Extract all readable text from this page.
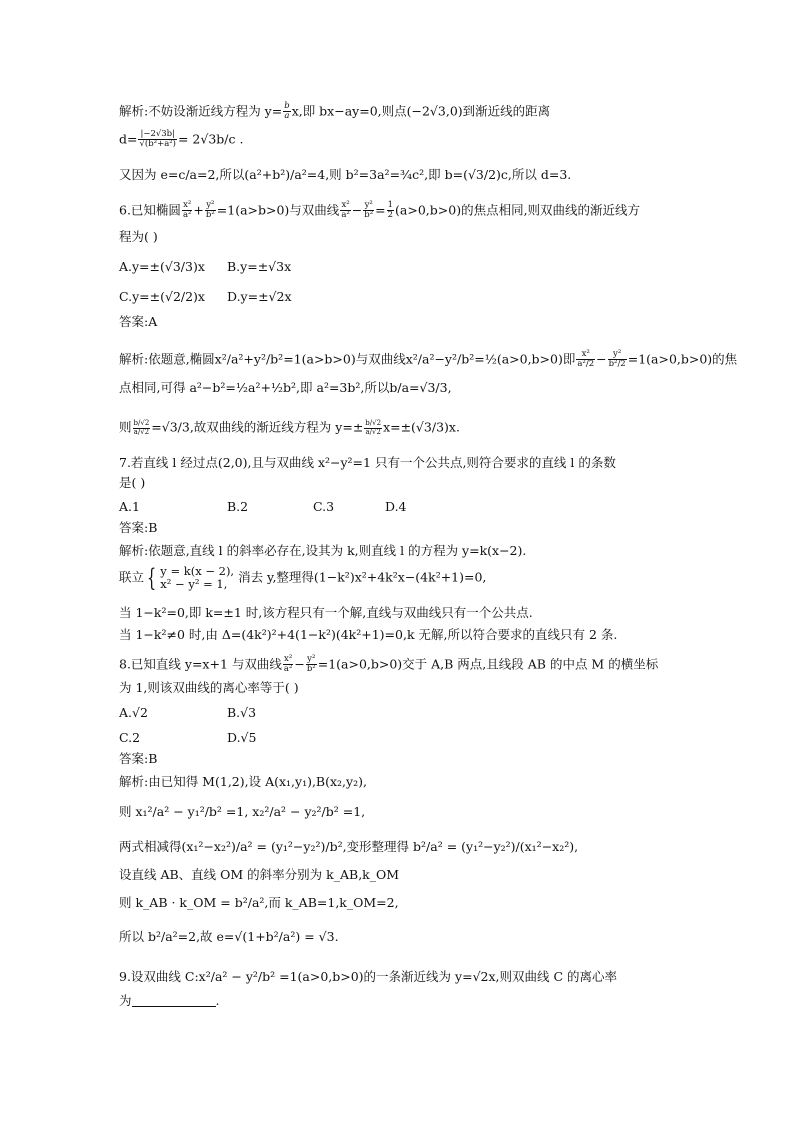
解析:不妨设渐近线方程为 $y= \frac{b}{a} x$,即 bx−ay=0,则点(−2√3,0)到渐近线的距离
$d= \frac{|-2√3b|}{\text{√(b²+a²)}} = 2√3b/c$ .
又因为 e=c/a=2,所以(a²+b²)/a²=4,则 b²=3a²=¾c²,即 b=(√3/2)c,所以 d=3.
6.已知椭圆 $\frac{\text{x²}}{\text{a²}} + \frac{\text{y²}}{\text{b²}} =1(a>b>0)$与双曲线 $\frac{\text{x²}}{\text{a²}} - \frac{\text{y²}}{\text{b²}} = \frac{1}{2} (a>0,b>0)$的焦点相同,则双曲线的渐近线方
程为( )
A.y=±(√3/3)x B.y=±√3x
C.y=±(√2/2)x D.y=±√2x
答案:A
解析:依题意,椭圆x²/a²+y²/b²=1(a>b>0)与双曲线x²/a²−y²/b²=½(a>0,b>0)即 $\frac{\text{x²}}{\text{a²/2}} - \frac{\text{y²}}{\text{b²/2}} =1(a>0,b>0)$的焦
点相同,可得 a²−b²=½a²+½b²,即 a²=3b²,所以b/a=√3/3,
则 $\frac{b/√2}{a/√2} =√3/3$,故双曲线的渐近线方程为 $y=\pm \frac{b/√2}{a/√2} x=\pm(√3/3)x$.
7.若直线 l 经过点(2,0),且与双曲线 x²−y²=1 只有一个公共点,则符合要求的直线 l 的条数
是( )
A.1	B.2	C.3	D.4
答案:B
解析:依题意,直线 l 的斜率必存在,设其为 k,则直线 l 的方程为 y=k(x−2).
联立 { y = k(x − 2),
x² − y² = 1, 消去 y,整理得(1−k²)x²+4k²x−(4k²+1)=0,
当 1−k²=0,即 k=±1 时,该方程只有一个解,直线与双曲线只有一个公共点.
当 1−k²≠0 时,由 Δ=(4k²)²+4(1−k²)(4k²+1)=0,k 无解,所以符合要求的直线只有 2 条.
8.已知直线 y=x+1 与双曲线 $\frac{\text{x²}}{\text{a²}} - \frac{\text{y²}}{\text{b²}} =1(a>0,b>0)$交于 A,B 两点,且线段 AB 的中点 M 的横坐标
为 1,则该双曲线的离心率等于( )
A.√2	B.√3
C.2	D.√5
答案:B
解析:由已知得 M(1,2),设 A(x₁,y₁),B(x₂,y₂),
则 x₁²/a² − y₁²/b² =1, x₂²/a² − y₂²/b² =1,
两式相减得(x₁²−x₂²)/a² = (y₁²−y₂²)/b²,变形整理得 b²/a² = (y₁²−y₂²)/(x₁²−x₂²),
设直线 AB、直线 OM 的斜率分别为 k_AB,k_OM
则 k_AB · k_OM = b²/a²,而 k_AB=1,k_OM=2,
所以 b²/a²=2,故 e=√(1+b²/a²) = √3.
9.设双曲线 C:x²/a² − y²/b² =1(a>0,b>0)的一条渐近线为 y=√2x,则双曲线 C 的离心率
为	.
